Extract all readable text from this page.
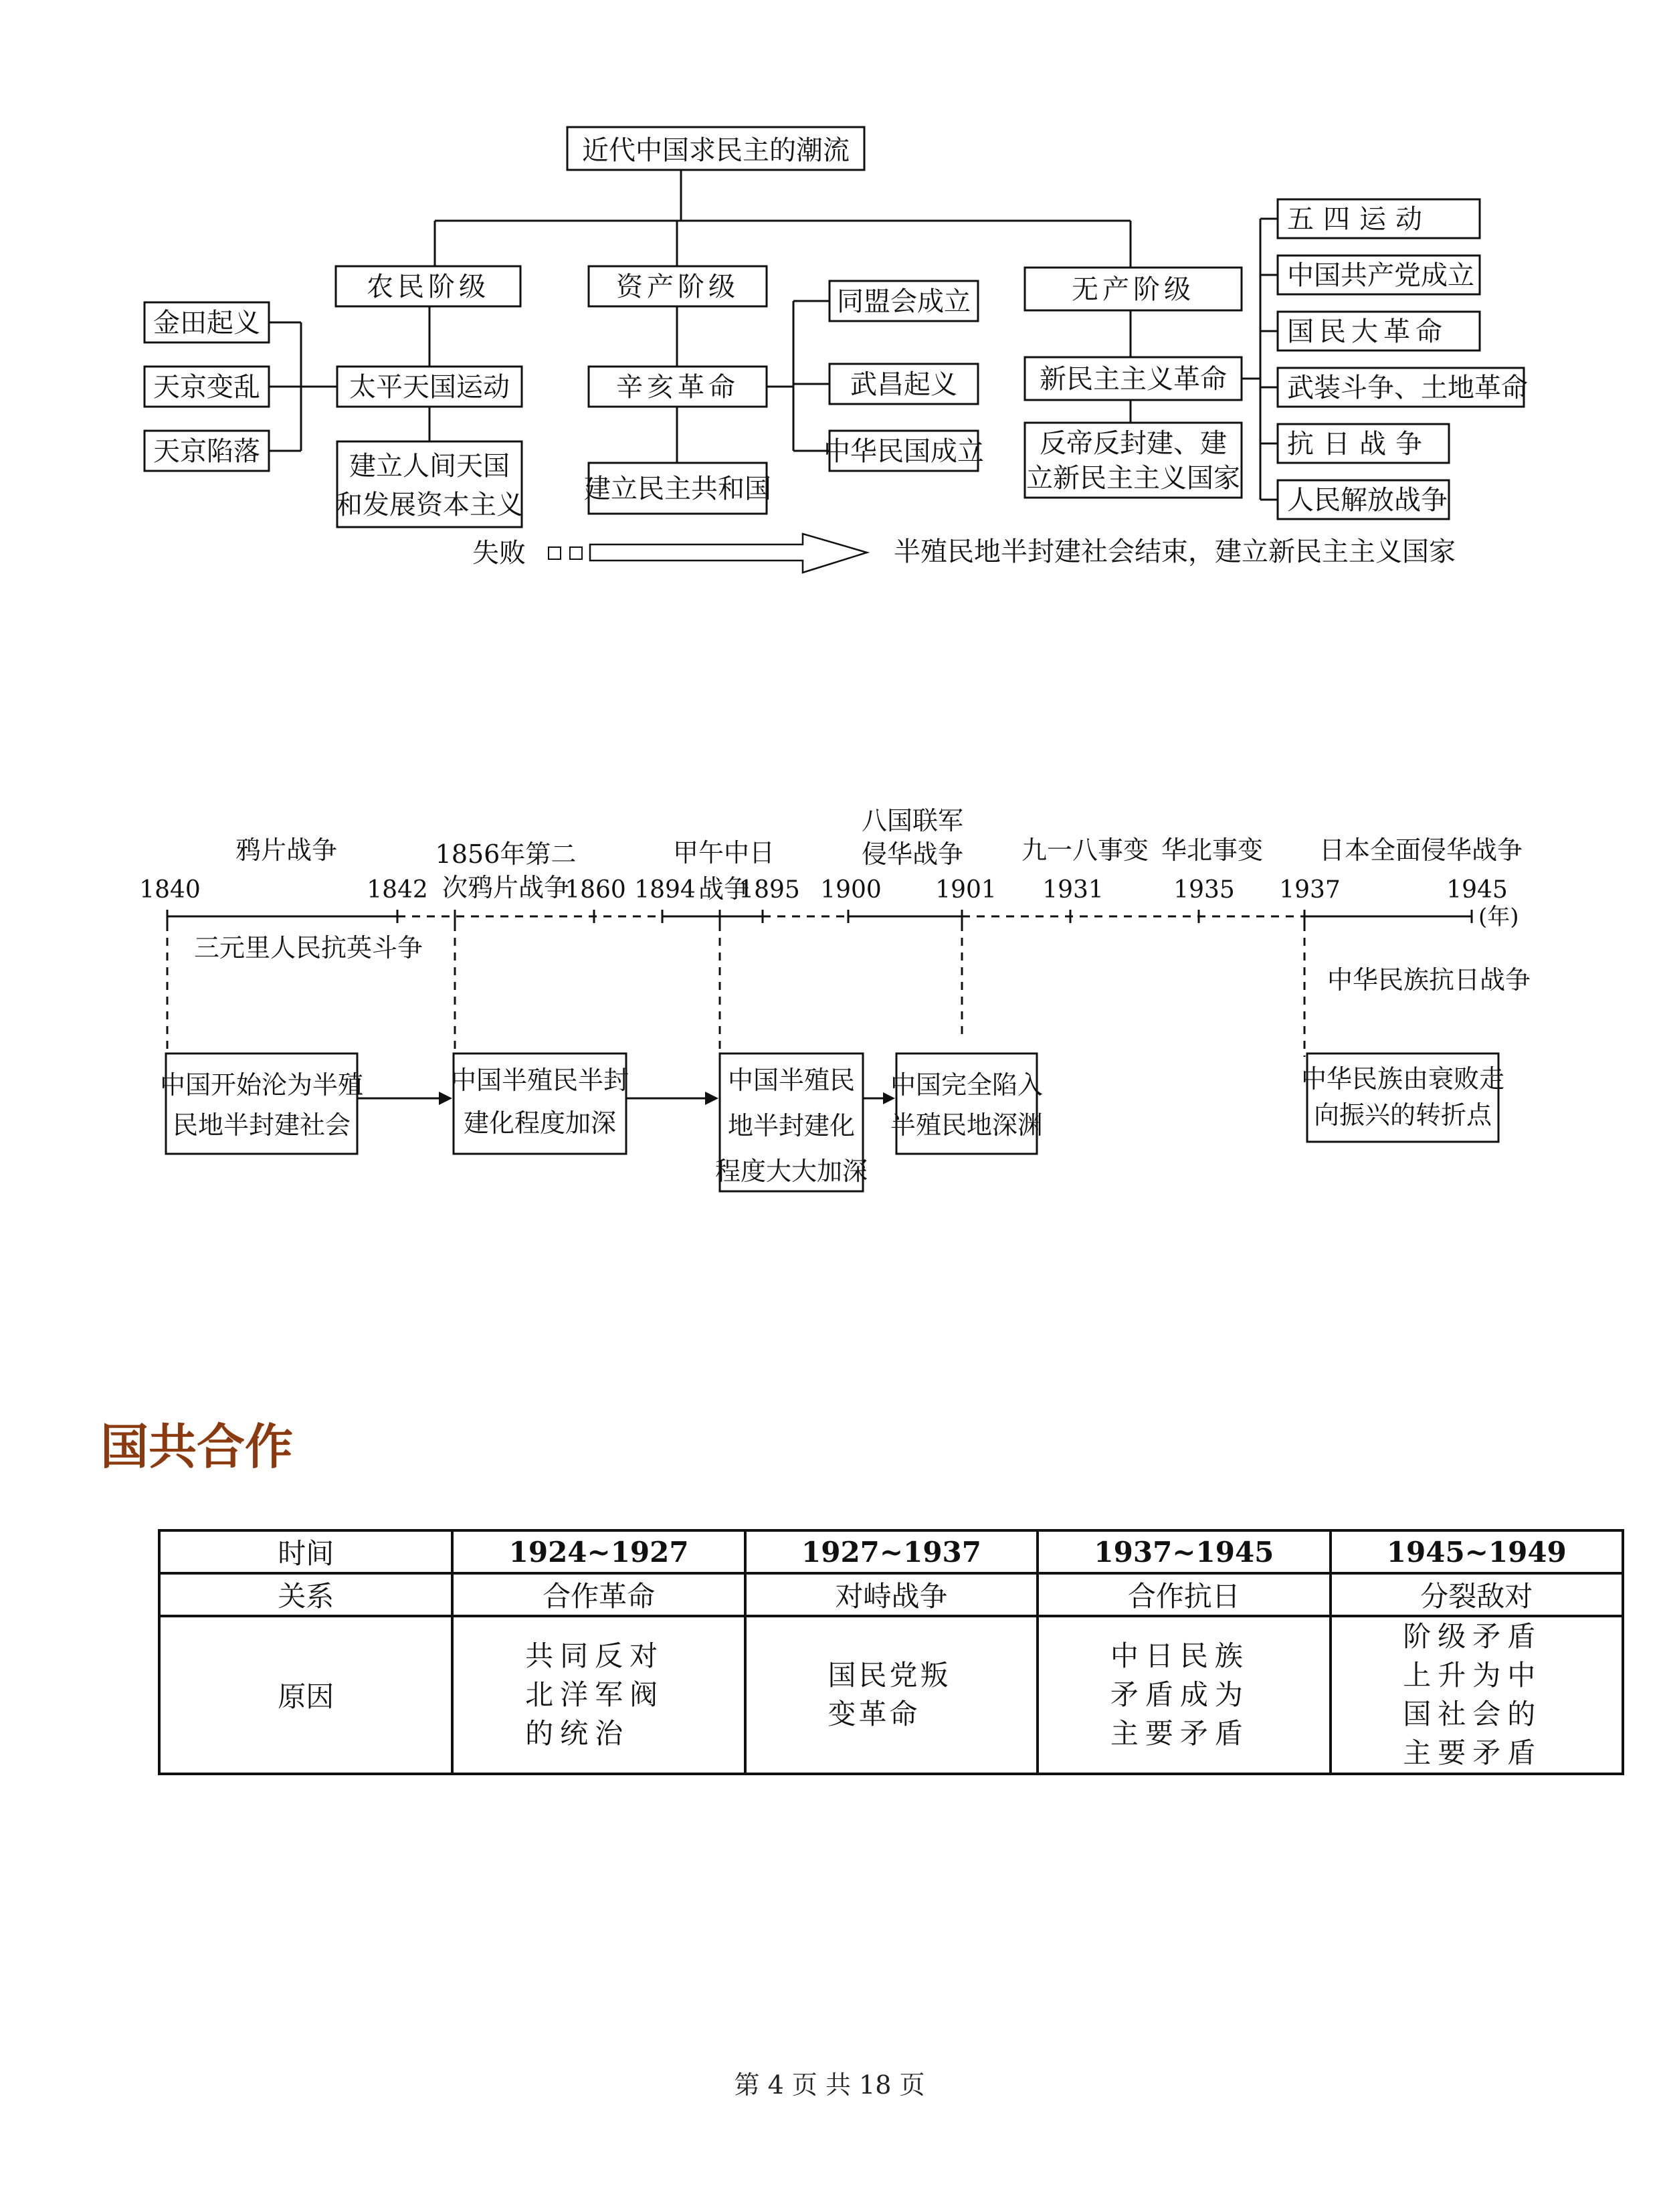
近代中国求民主的潮流
农民阶级
太平天国运动
建立人间天国
和发展资本主义
金田起义
天京变乱
天京陷落
资产阶级
辛亥革命
建立民主共和国
同盟会成立
武昌起义
中华民国成立
无产阶级
新民主主义革命
反帝反封建、建
立新民主主义国家
五四运动
中国共产党成立
国民大革命
武装斗争、土地革命
抗日战争
人民解放战争
失败	半殖民地半封建社会结束，建立新民主主义国家
1840	1842
鸦片战争	1856年第二
次鸦片战争
1860 1894 1895
甲午中日
战争	1900
八国联军
侵华战争
1901 1931
九一八事变
1935
华北事变
1937
日本全面侵华战争
1945
(年)
三元里人民抗英斗争
中华民族抗日战争
中国开始沦为半殖
民地半封建社会
中国半殖民半封
建化程度加深
中国半殖民
地半封建化
程度大大加深
中国完全陷入
半殖民地深渊
中华民族由衰败走
向振兴的转折点
国共合作
时间	1924~1927	1927~1937	1937~1945	1945~1949
关系	合作革命	对峙战争	合作抗日	分裂敌对
原因	共同反对北洋军阀的统治	国民党叛变革命	中日民族矛盾成为主要矛盾	阶级矛盾上升为中国社会的主要矛盾
第 4 页 共 18 页
